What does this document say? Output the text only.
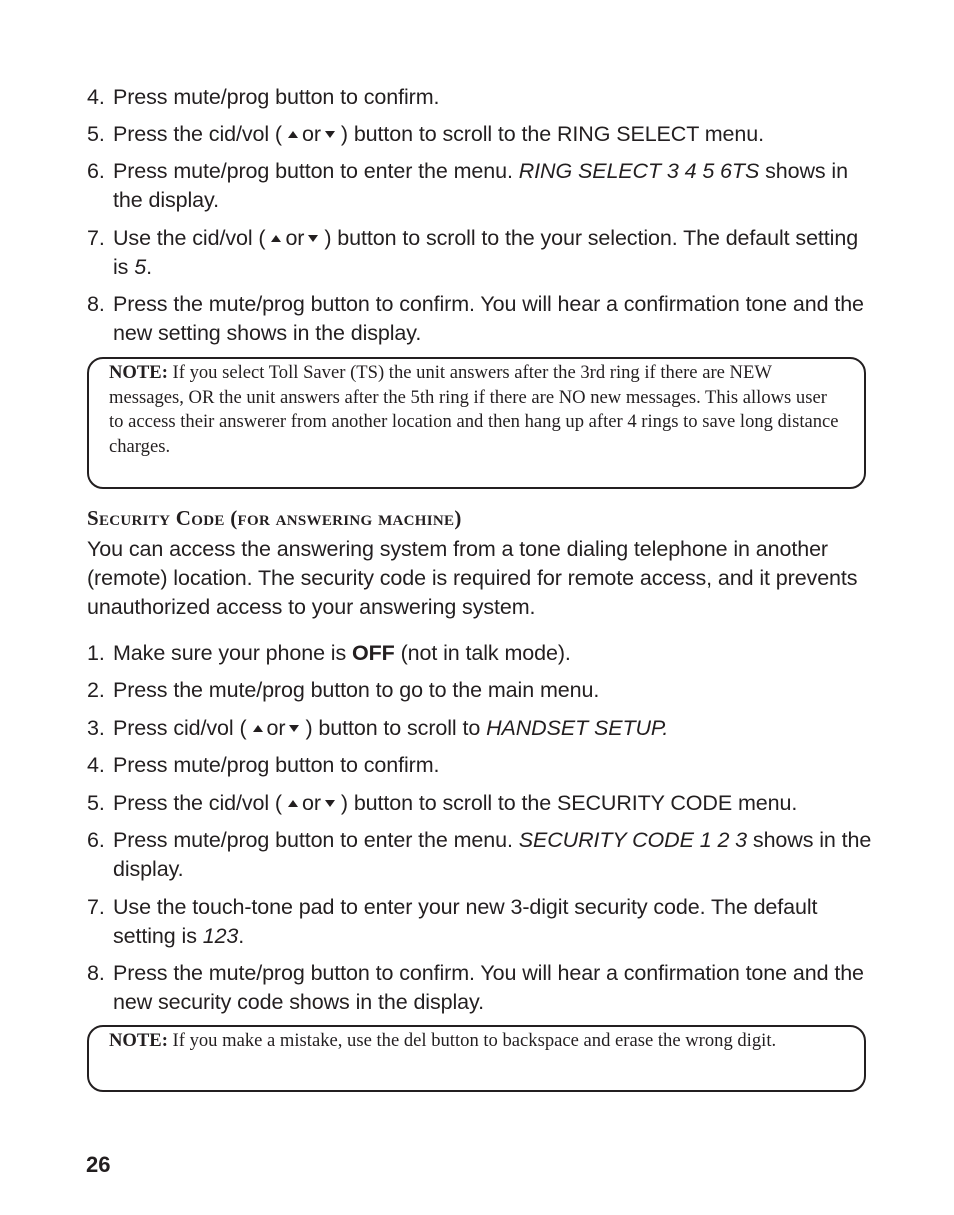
4. Press mute/prog button to confirm.
5. Press the cid/vol ( or ) button to scroll to the RING SELECT menu.
6. Press mute/prog button to enter the menu. RING SELECT 3 4 5 6TS shows in the display.
7. Use the cid/vol ( or ) button to scroll to the your selection. The default setting is 5.
8. Press the mute/prog button to confirm. You will hear a confirmation tone and the new setting shows in the display.
NOTE: If you select Toll Saver (TS) the unit answers after the 3rd ring if there are NEW messages, OR the unit answers after the 5th ring if there are NO new messages. This allows user to access their answerer from another location and then hang up after 4 rings to save long distance charges.
Security Code (for answering machine)
You can access the answering system from a tone dialing telephone in another (remote) location. The security code is required for remote access, and it prevents unauthorized access to your answering system.
1. Make sure your phone is OFF (not in talk mode).
2. Press the mute/prog button to go to the main menu.
3. Press cid/vol ( or ) button to scroll to HANDSET SETUP.
4. Press mute/prog button to confirm.
5. Press the cid/vol ( or ) button to scroll to the SECURITY CODE menu.
6. Press mute/prog button to enter the menu. SECURITY CODE 1 2 3 shows in the display.
7. Use the touch-tone pad to enter your new 3-digit security code. The default setting is 123.
8. Press the mute/prog button to confirm. You will hear a confirmation tone and the new security code shows in the display.
NOTE: If you make a mistake, use the del button to backspace and erase the wrong digit.
26
